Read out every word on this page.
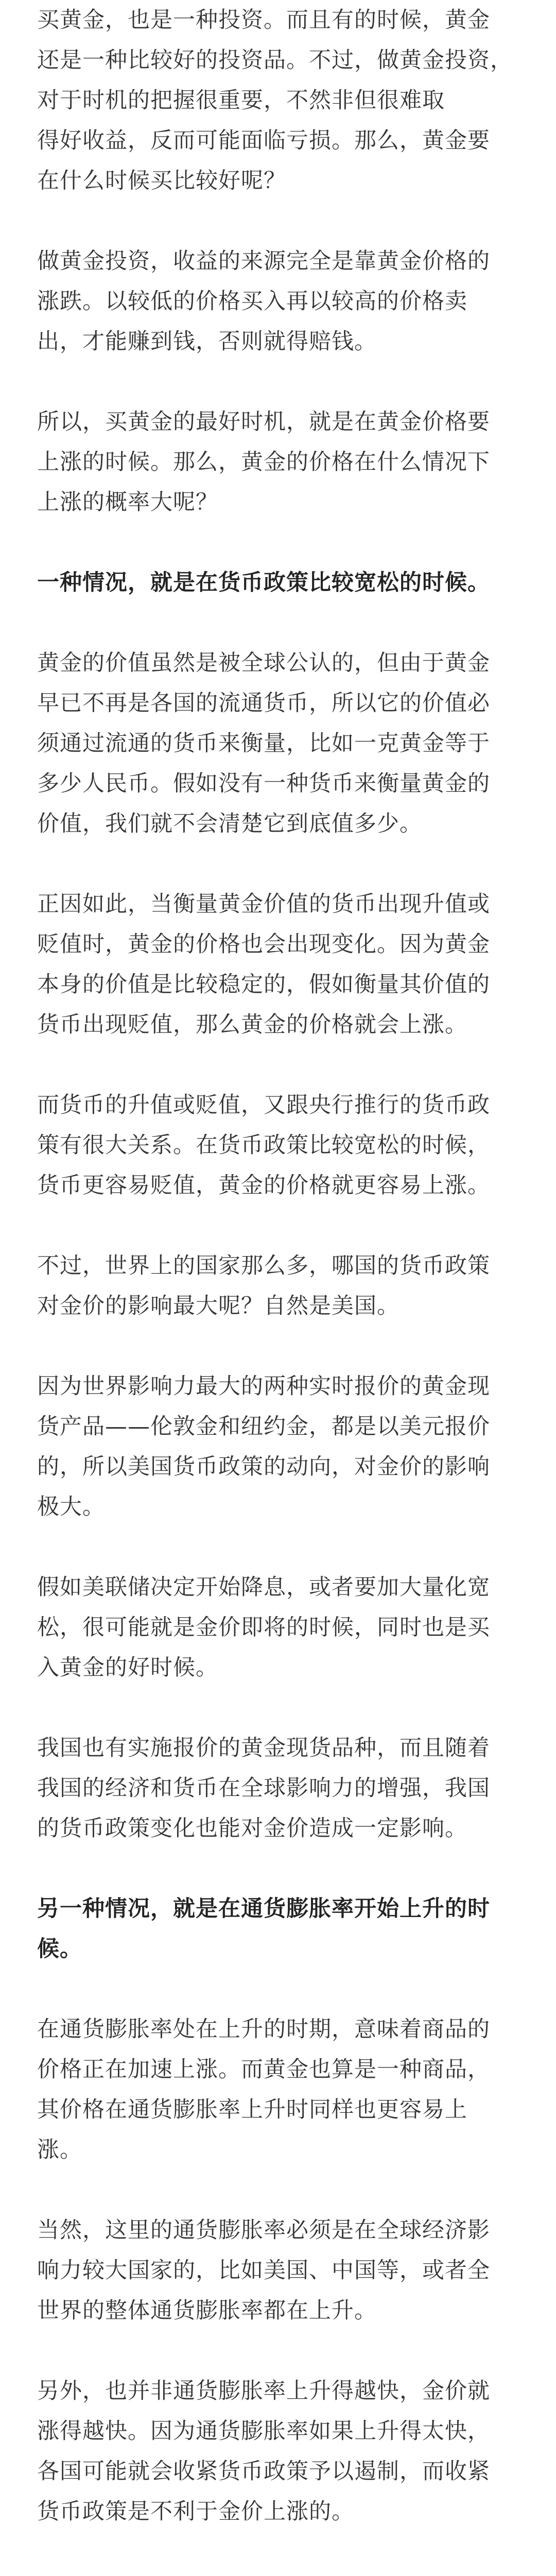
买黄金，也是一种投资。而且有的时候，黄金
还是一种比较好的投资品。不过，做黄金投资，
对于时机的把握很重要，不然非但很难取
得好收益，反而可能面临亏损。那么，黄金要
在什么时候买比较好呢？

做黄金投资，收益的来源完全是靠黄金价格的
涨跌。以较低的价格买入再以较高的价格卖
出，才能赚到钱，否则就得赔钱。

所以，买黄金的最好时机，就是在黄金价格要
上涨的时候。那么，黄金的价格在什么情况下
上涨的概率大呢？

一种情况，就是在货币政策比较宽松的时候。

黄金的价值虽然是被全球公认的，但由于黄金
早已不再是各国的流通货币，所以它的价值必
须通过流通的货币来衡量，比如一克黄金等于
多少人民币。假如没有一种货币来衡量黄金的
价值，我们就不会清楚它到底值多少。

正因如此，当衡量黄金价值的货币出现升值或
贬值时，黄金的价格也会出现变化。因为黄金
本身的价值是比较稳定的，假如衡量其价值的
货币出现贬值，那么黄金的价格就会上涨。

而货币的升值或贬值，又跟央行推行的货币政
策有很大关系。在货币政策比较宽松的时候，
货币更容易贬值，黄金的价格就更容易上涨。

不过，世界上的国家那么多，哪国的货币政策
对金价的影响最大呢？自然是美国。

因为世界影响力最大的两种实时报价的黄金现
货产品——伦敦金和纽约金，都是以美元报价
的，所以美国货币政策的动向，对金价的影响
极大。

假如美联储决定开始降息，或者要加大量化宽
松，很可能就是金价即将的时候，同时也是买
入黄金的好时候。

我国也有实施报价的黄金现货品种，而且随着
我国的经济和货币在全球影响力的增强，我国
的货币政策变化也能对金价造成一定影响。

另一种情况，就是在通货膨胀率开始上升的时
候。

在通货膨胀率处在上升的时期，意味着商品的
价格正在加速上涨。而黄金也算是一种商品，
其价格在通货膨胀率上升时同样也更容易上
涨。

当然，这里的通货膨胀率必须是在全球经济影
响力较大国家的，比如美国、中国等，或者全
世界的整体通货膨胀率都在上升。

另外，也并非通货膨胀率上升得越快，金价就
涨得越快。因为通货膨胀率如果上升得太快，
各国可能就会收紧货币政策予以遏制，而收紧
货币政策是不利于金价上涨的。
